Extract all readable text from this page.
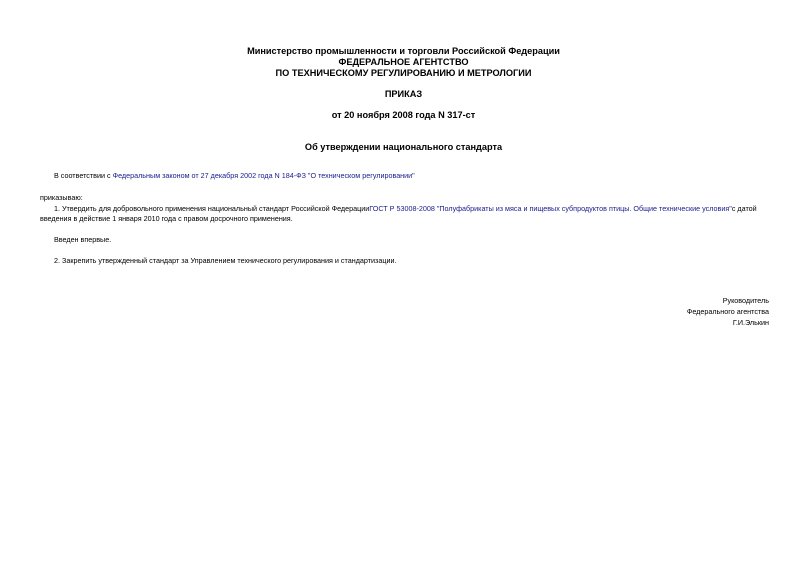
Министерство промышленности и торговли Российской Федерации
ФЕДЕРАЛЬНОЕ АГЕНТСТВО
ПО ТЕХНИЧЕСКОМУ РЕГУЛИРОВАНИЮ И МЕТРОЛОГИИ
ПРИКАЗ
от 20 ноября 2008 года N 317-ст
Об утверждении национального стандарта
В соответствии с Федеральным законом от 27 декабря 2002 года N 184-ФЗ "О техническом регулировании"
приказываю:
1. Утвердить для добровольного применения национальный стандарт Российской ФедерацииГОСТ Р 53008-2008 "Полуфабрикаты из мяса и пищевых субпродуктов птицы. Общие технические условия"с датой
введения в действие 1 января 2010 года с правом досрочного применения.
Введен впервые.
2. Закрепить утвержденный стандарт за Управлением технического регулирования и стандартизации.
Руководитель
Федерального агентства
Г.И.Элькин
